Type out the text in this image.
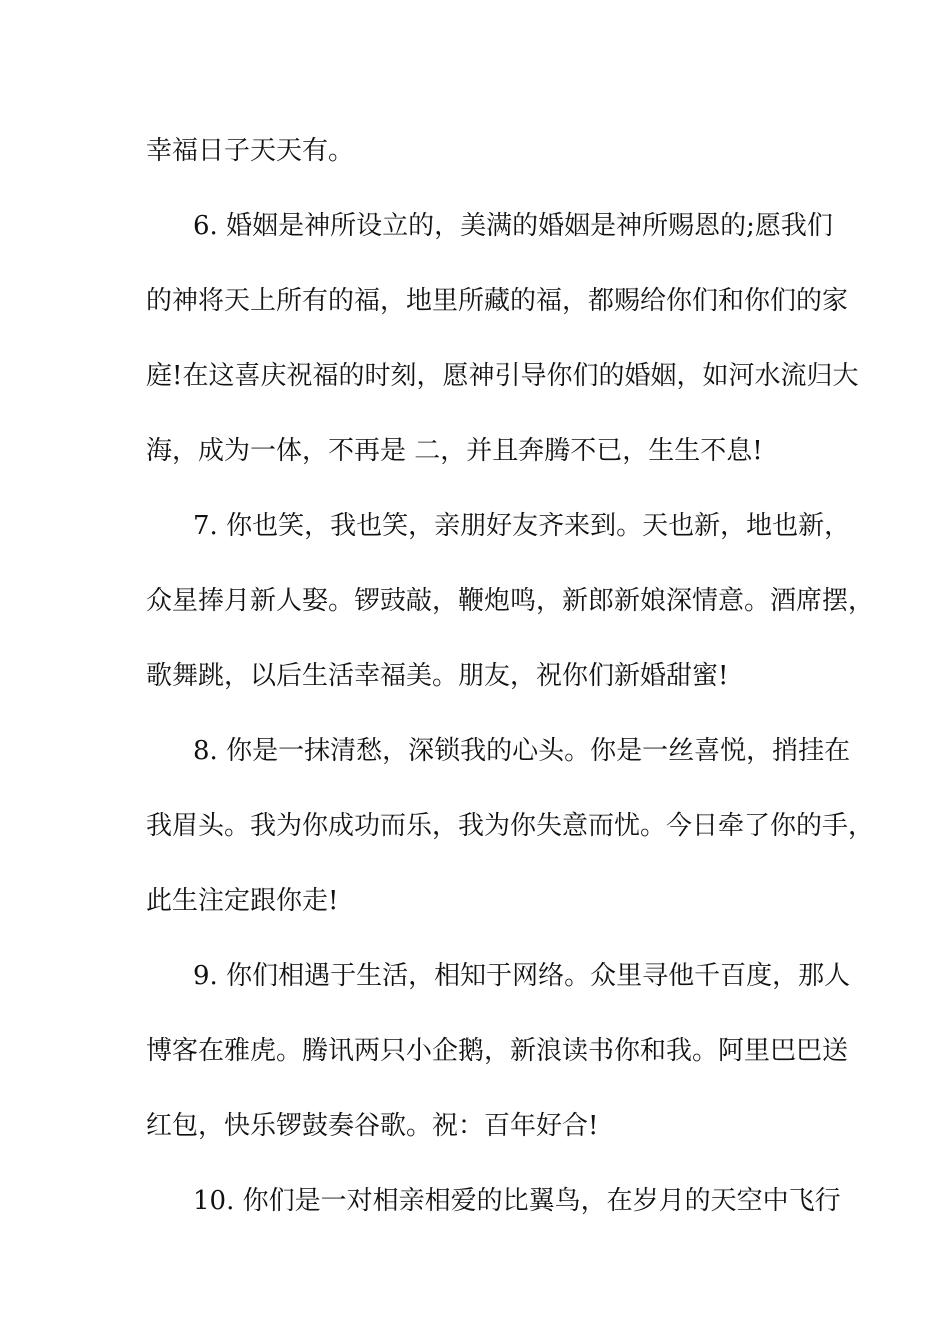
幸福日子天天有。
6. 婚姻是神所设立的，美满的婚姻是神所赐恩的;愿我们
的神将天上所有的福，地里所藏的福，都赐给你们和你们的家
庭!在这喜庆祝福的时刻，愿神引导你们的婚姻，如河水流归大
海，成为一体，不再是 二，并且奔腾不已，生生不息!
7. 你也笑，我也笑，亲朋好友齐来到。天也新，地也新，
众星捧月新人娶。锣豉敲，鞭炮鸣，新郎新娘深情意。酒席摆，
歌舞跳，以后生活幸福美。朋友，祝你们新婚甜蜜!
8. 你是一抹清愁，深锁我的心头。你是一丝喜悦，捎挂在
我眉头。我为你成功而乐，我为你失意而忧。今日牵了你的手，
此生注定跟你走!
9. 你们相遇于生活，相知于网络。众里寻他千百度，那人
博客在雅虎。腾讯两只小企鹅，新浪读书你和我。阿里巴巴送
红包，快乐锣鼓奏谷歌。祝：百年好合!
10. 你们是一对相亲相爱的比翼鸟，在岁月的天空中飞行
